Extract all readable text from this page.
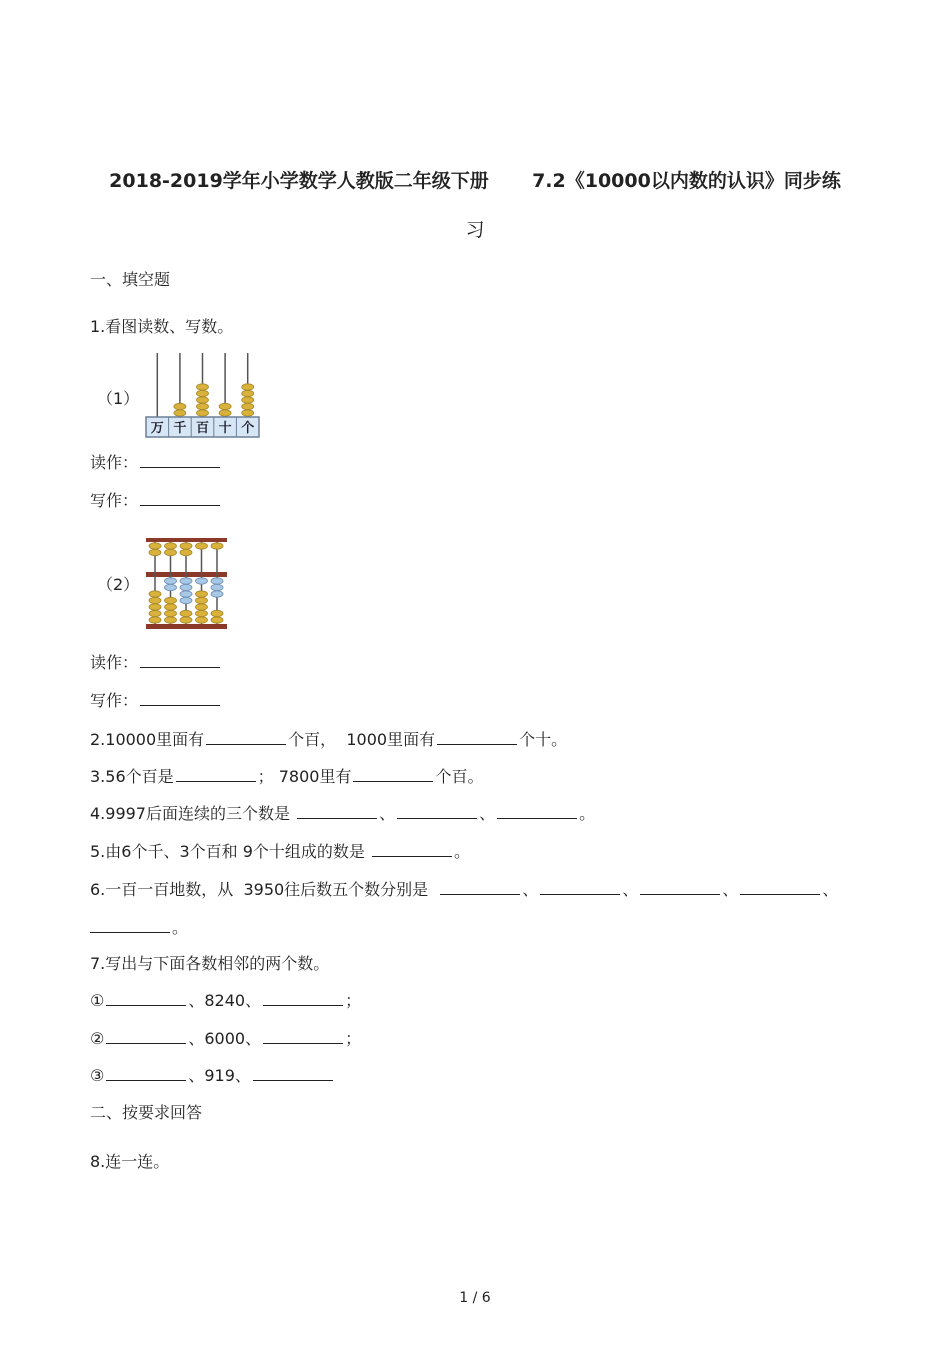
2018-2019学年小学数学人教版二年级下册 7.2《10000以内数的认识》同步练
习
一、填空题
1.看图读数、写数。
（1）
万 千 百 十 个
读作：
写作：
（2）
读作：
写作：
2.10000里面有	个百， 1000里面有	个十。
3.56个百是	； 7800里有	个百。
4.9997后面连续的三个数是	、	、	。
5.由6个千、3个百和 9个十组成的数是	。
6.一百一百地数，从 3950往后数五个数分别是	、	、	、	、
。
7.写出与下面各数相邻的两个数。
①	、8240、	；
②	、6000、	；
③	、919、
二、按要求回答
8.连一连。
1 / 6
